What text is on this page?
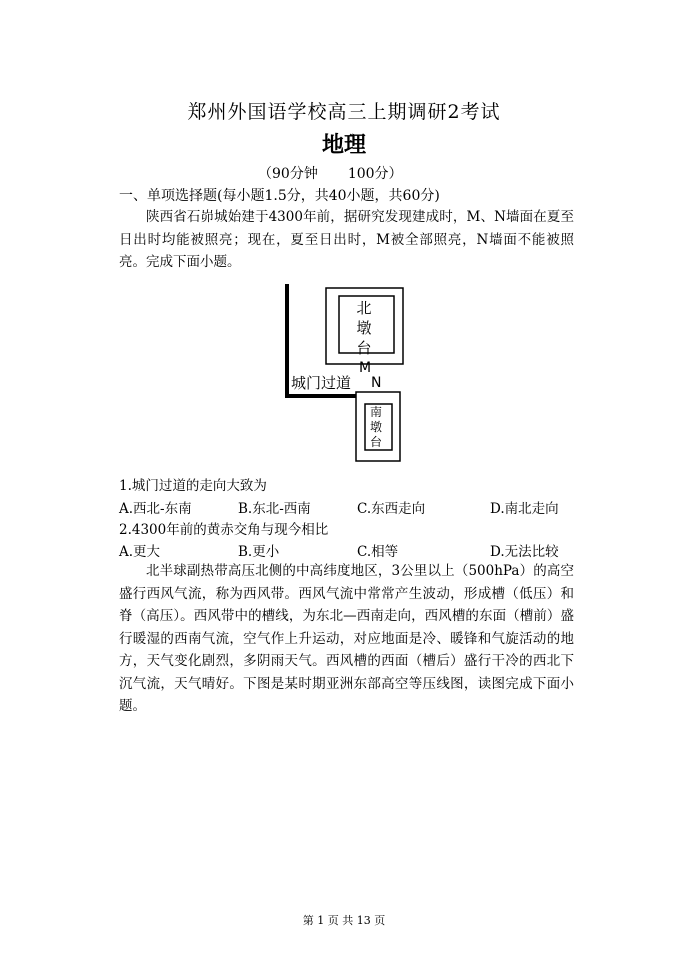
郑州外国语学校高三上期调研2考试
地理
（90分钟 100分）
一、单项选择题(每小题1.5分，共40小题，共60分)

陕西省石峁城始建于4300年前，据研究发现建成时，M、N墙面在夏至日出时均能被照亮；现在，夏至日出时，M被全部照亮，N墙面不能被照亮。完成下面小题。

北墩台
南墩台
城门过道
M
N
1.城门过道的走向大致为
A.西北-东南	B.东北-西南	C.东西走向	D.南北走向
2.4300年前的黄赤交角与现今相比
A.更大	B.更小	C.相等	D.无法比较

北半球副热带高压北侧的中高纬度地区，3公里以上（500hPa）的高空盛行西风气流，称为西风带。西风气流中常常产生波动，形成槽（低压）和脊（高压）。西风带中的槽线，为东北—西南走向，西风槽的东面（槽前）盛行暖湿的西南气流，空气作上升运动，对应地面是冷、暖锋和气旋活动的地方，天气变化剧烈，多阴雨天气。西风槽的西面（槽后）盛行干冷的西北下沉气流，天气晴好。下图是某时期亚洲东部高空等压线图，读图完成下面小题。

第 1 页 共 13 页
